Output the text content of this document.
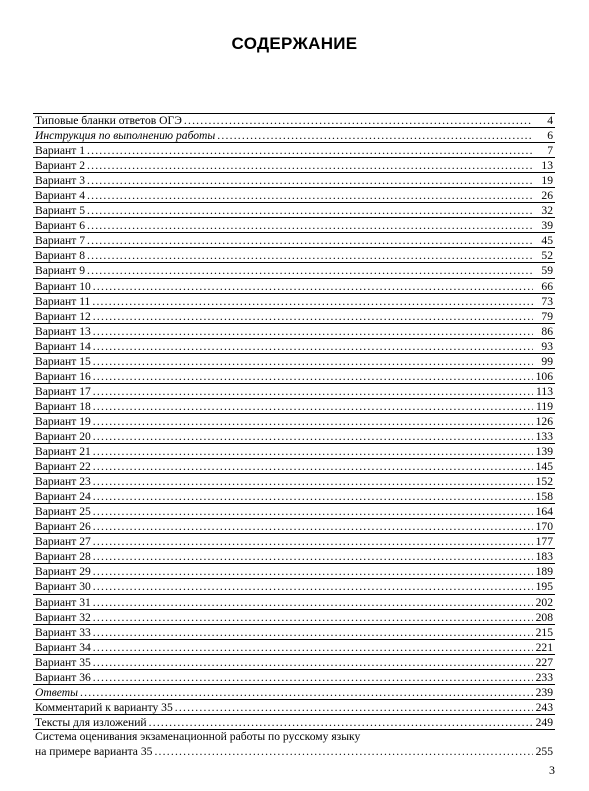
СОДЕРЖАНИЕ
Типовые бланки ответов ОГЭ .....	4
Инструкция по выполнению работы .....	6
Вариант 1 .....	7
Вариант 2 .....	13
Вариант 3 .....	19
Вариант 4 .....	26
Вариант 5 .....	32
Вариант 6 .....	39
Вариант 7 .....	45
Вариант 8 .....	52
Вариант 9 .....	59
Вариант 10 .....	66
Вариант 11 .....	73
Вариант 12 .....	79
Вариант 13 .....	86
Вариант 14 .....	93
Вариант 15 .....	99
Вариант 16 .....	106
Вариант 17 .....	113
Вариант 18 .....	119
Вариант 19 .....	126
Вариант 20 .....	133
Вариант 21 .....	139
Вариант 22 .....	145
Вариант 23 .....	152
Вариант 24 .....	158
Вариант 25 .....	164
Вариант 26 .....	170
Вариант 27 .....	177
Вариант 28 .....	183
Вариант 29 .....	189
Вариант 30 .....	195
Вариант 31 .....	202
Вариант 32 .....	208
Вариант 33 .....	215
Вариант 34 .....	221
Вариант 35 .....	227
Вариант 36 .....	233
Ответы .....	239
Комментарий к варианту 35 .....	243
Тексты для изложений .....	249
Система оценивания экзаменационной работы по русскому языку
на примере варианта 35 .....	255
3
